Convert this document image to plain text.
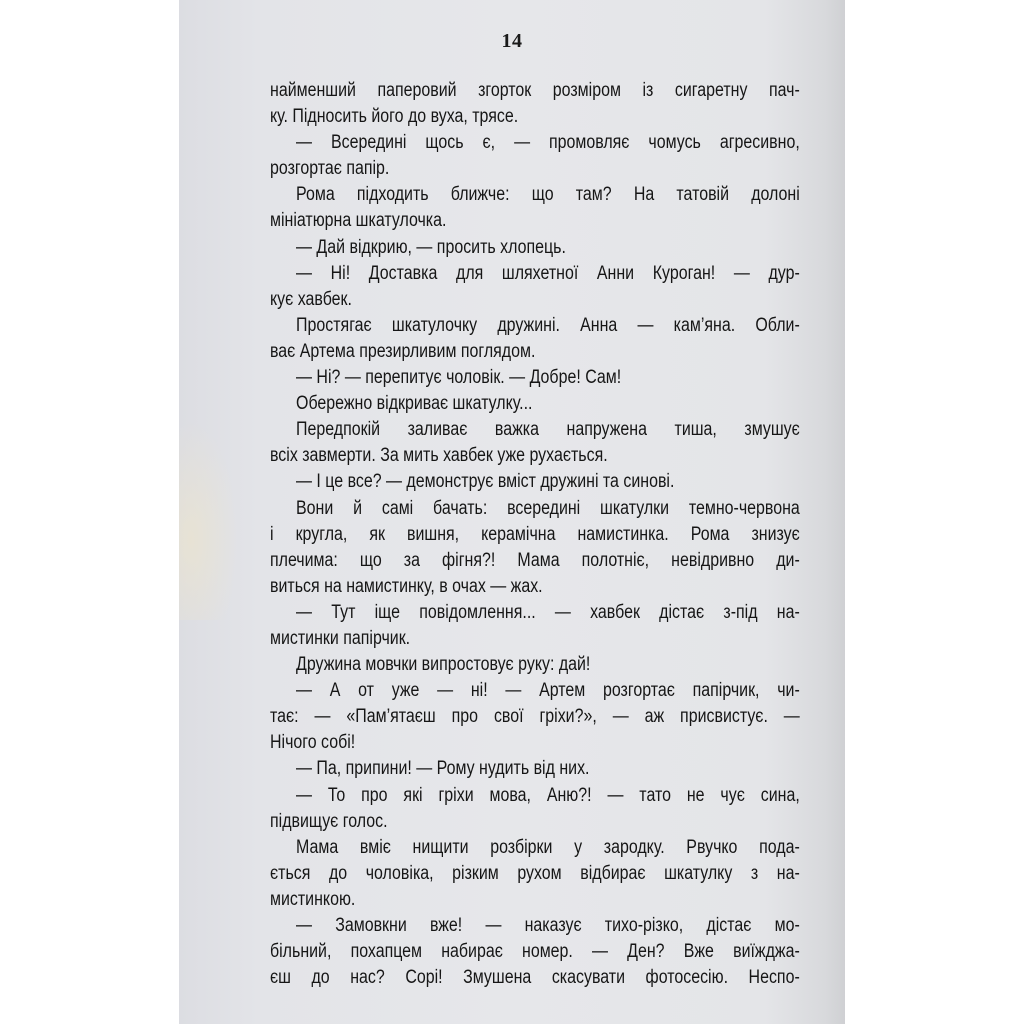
14
найменший паперовий згорток розміром із сигаретну пач-
ку. Підносить його до вуха, трясе.
— Всередині щось є, — промовляє чомусь агресивно,
розгортає папір.
Рома підходить ближче: що там? На татовій долоні
мініатюрна шкатулочка.
— Дай відкрию, — просить хлопець.
— Ні! Доставка для шляхетної Анни Куроган! — дур-
кує хавбек.
Простягає шкатулочку дружині. Анна — кам’яна. Обли-
ває Артема презирливим поглядом.
— Ні? — перепитує чоловік. — Добре! Сам!
Обережно відкриває шкатулку...
Передпокій заливає важка напружена тиша, змушує
всіх завмерти. За мить хавбек уже рухається.
— І це все? — демонструє вміст дружині та синові.
Вони й самі бачать: всередині шкатулки темно-червона
і кругла, як вишня, керамічна намистинка. Рома знизує
плечима: що за фігня?! Мама полотніє, невідривно ди-
виться на намистинку, в очах — жах.
— Тут іще повідомлення... — хавбек дістає з-під на-
мистинки папірчик.
Дружина мовчки випростовує руку: дай!
— А от уже — ні! — Артем розгортає папірчик, чи-
тає: — «Пам’ятаєш про свої гріхи?», — аж присвистує. —
Нічого собі!
— Па, припини! — Рому нудить від них.
— То про які гріхи мова, Аню?! — тато не чує сина,
підвищує голос.
Мама вміє нищити розбірки у зародку. Рвучко пода-
ється до чоловіка, різким рухом відбирає шкатулку з на-
мистинкою.
— Замовкни вже! — наказує тихо-різко, дістає мо-
більний, похапцем набирає номер. — Ден? Вже виїжджа-
єш до нас? Сорі! Змушена скасувати фотосесію. Неспо-
